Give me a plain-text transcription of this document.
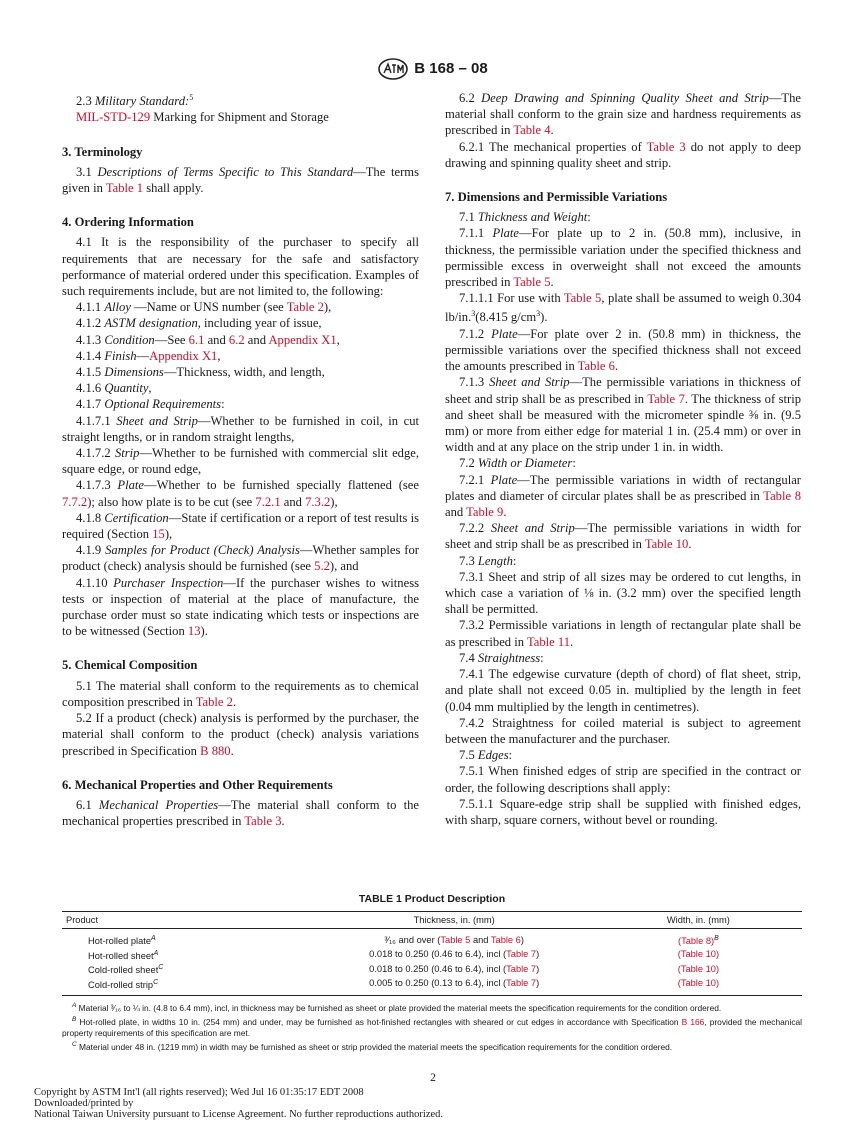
B 168 – 08

2.3 Military Standard:$^5$

MIL-STD-129 Marking for Shipment and Storage

3. Terminology

3.1 Descriptions of Terms Specific to This Standard—The terms given in Table 1 shall apply.

4. Ordering Information

4.1 It is the responsibility of the purchaser to specify all requirements that are necessary for the safe and satisfactory performance of material ordered under this specification. Examples of such requirements include, but are not limited to, the following:

4.1.1 Alloy —Name or UNS number (see Table 2),

4.1.2 ASTM designation, including year of issue,

4.1.3 Condition—See 6.1 and 6.2 and Appendix X1,

4.1.4 Finish—Appendix X1,

4.1.5 Dimensions—Thickness, width, and length,

4.1.6 Quantity,

4.1.7 Optional Requirements:

4.1.7.1 Sheet and Strip—Whether to be furnished in coil, in cut straight lengths, or in random straight lengths,

4.1.7.2 Strip—Whether to be furnished with commercial slit edge, square edge, or round edge,

4.1.7.3 Plate—Whether to be furnished specially flattened (see 7.7.2); also how plate is to be cut (see 7.2.1 and 7.3.2),

4.1.8 Certification—State if certification or a report of test results is required (Section 15),

4.1.9 Samples for Product (Check) Analysis—Whether samples for product (check) analysis should be furnished (see 5.2), and

4.1.10 Purchaser Inspection—If the purchaser wishes to witness tests or inspection of material at the place of manufacture, the purchase order must so state indicating which tests or inspections are to be witnessed (Section 13).

5. Chemical Composition

5.1 The material shall conform to the requirements as to chemical composition prescribed in Table 2.

5.2 If a product (check) analysis is performed by the purchaser, the material shall conform to the product (check) analysis variations prescribed in Specification B 880.

6. Mechanical Properties and Other Requirements

6.1 Mechanical Properties—The material shall conform to the mechanical properties prescribed in Table 3.

6.2 Deep Drawing and Spinning Quality Sheet and Strip—The material shall conform to the grain size and hardness requirements as prescribed in Table 4.

6.2.1 The mechanical properties of Table 3 do not apply to deep drawing and spinning quality sheet and strip.

7. Dimensions and Permissible Variations

7.1 Thickness and Weight:

7.1.1 Plate—For plate up to 2 in. (50.8 mm), inclusive, in thickness, the permissible variation under the specified thickness and permissible excess in overweight shall not exceed the amounts prescribed in Table 5.

7.1.1.1 For use with Table 5, plate shall be assumed to weigh 0.304 lb/in.$^3$(8.415 $g/cm^3$).

7.1.2 Plate—For plate over 2 in. (50.8 mm) in thickness, the permissible variations over the specified thickness shall not exceed the amounts prescribed in Table 6.

7.1.3 Sheet and Strip—The permissible variations in thickness of sheet and strip shall be as prescribed in Table 7. The thickness of strip and sheet shall be measured with the micrometer spindle ⅜ in. (9.5 mm) or more from either edge for material 1 in. (25.4 mm) or over in width and at any place on the strip under 1 in. in width.

7.2 Width or Diameter:

7.2.1 Plate—The permissible variations in width of rectangular plates and diameter of circular plates shall be as prescribed in Table 8 and Table 9.

7.2.2 Sheet and Strip—The permissible variations in width for sheet and strip shall be as prescribed in Table 10.

7.3 Length:

7.3.1 Sheet and strip of all sizes may be ordered to cut lengths, in which case a variation of ⅛ in. (3.2 mm) over the specified length shall be permitted.

7.3.2 Permissible variations in length of rectangular plate shall be as prescribed in Table 11.

7.4 Straightness:

7.4.1 The edgewise curvature (depth of chord) of flat sheet, strip, and plate shall not exceed 0.05 in. multiplied by the length in feet (0.04 mm multiplied by the length in centimetres).

7.4.2 Straightness for coiled material is subject to agreement between the manufacturer and the purchaser.

7.5 Edges:

7.5.1 When finished edges of strip are specified in the contract or order, the following descriptions shall apply:

7.5.1.1 Square-edge strip shall be supplied with finished edges, with sharp, square corners, without bevel or rounding.

TABLE 1 Product Description
Product	Thickness, in. (mm)	Width, in. (mm)
Hot-rolled plate$^A$	³⁄₁₆ and over (Table 5 and Table 6)	(Table 8)$^B$
Hot-rolled sheet$^A$	0.018 to 0.250 (0.46 to 6.4), incl (Table 7)	(Table 10)
Cold-rolled sheet$^C$	0.018 to 0.250 (0.46 to 6.4), incl (Table 7)	(Table 10)
Cold-rolled strip$^C$	0.005 to 0.250 (0.13 to 6.4), incl (Table 7)	(Table 10)

$^A$ Material ³⁄₁₆ to ¼ in. (4.8 to 6.4 mm), incl, in thickness may be furnished as sheet or plate provided the material meets the specification requirements for the condition ordered.

$^B$ Hot-rolled plate, in widths 10 in. (254 mm) and under, may be furnished as hot-finished rectangles with sheared or cut edges in accordance with Specification B 166, provided the mechanical property requirements of this specification are met.

$^C$ Material under 48 in. (1219 mm) in width may be furnished as sheet or strip provided the material meets the specification requirements for the condition ordered.

2
Copyright by ASTM Int'l (all rights reserved); Wed Jul 16 01:35:17 EDT 2008
Downloaded/printed by
National Taiwan University pursuant to License Agreement. No further reproductions authorized.
